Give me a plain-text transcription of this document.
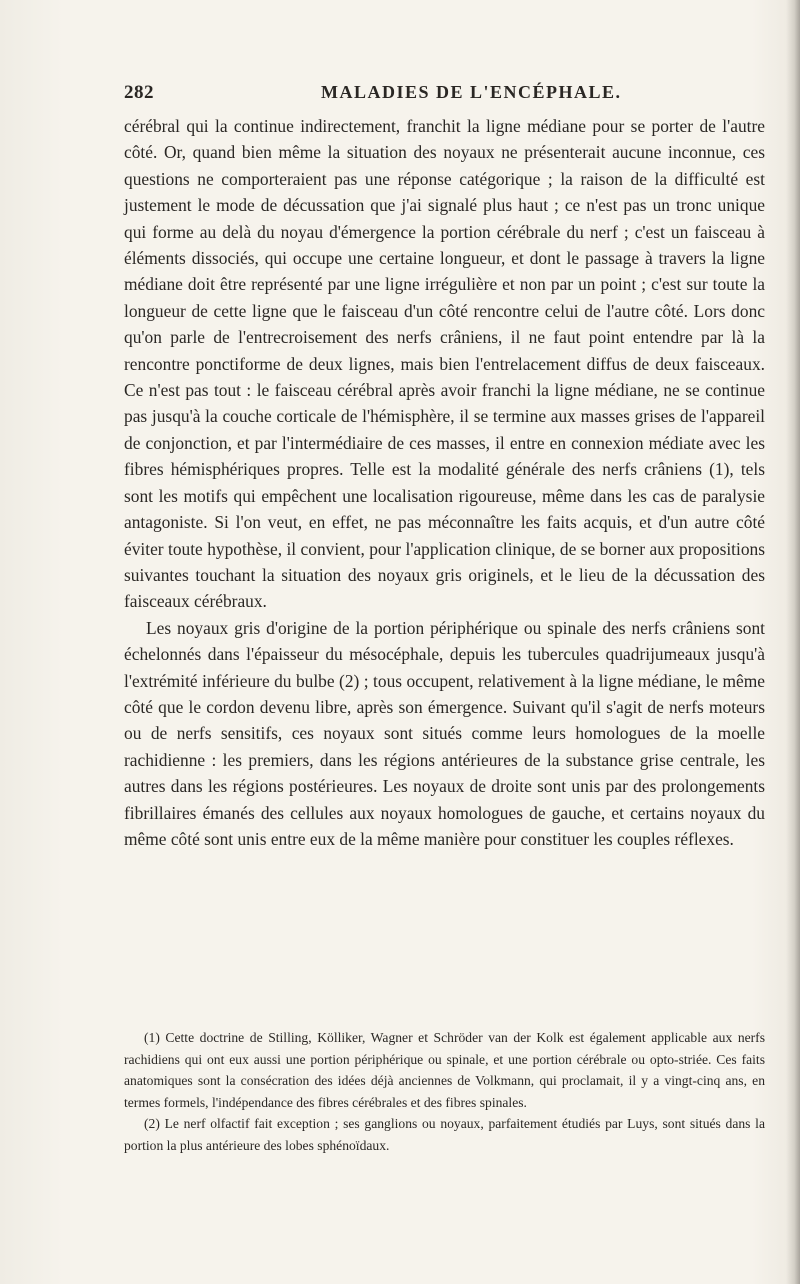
282	MALADIES DE L'ENCÉPHALE.

cérébral qui la continue indirectement, franchit la ligne médiane pour se porter de l'autre côté. Or, quand bien même la situation des noyaux ne présenterait aucune inconnue, ces questions ne comporteraient pas une réponse catégorique ; la raison de la difficulté est justement le mode de décussation que j'ai signalé plus haut ; ce n'est pas un tronc unique qui forme au delà du noyau d'émergence la portion cérébrale du nerf ; c'est un faisceau à éléments dissociés, qui occupe une certaine longueur, et dont le passage à travers la ligne médiane doit être représenté par une ligne irrégulière et non par un point ; c'est sur toute la longueur de cette ligne que le faisceau d'un côté rencontre celui de l'autre côté. Lors donc qu'on parle de l'entrecroisement des nerfs crâniens, il ne faut point entendre par là la rencontre ponctiforme de deux lignes, mais bien l'entrelacement diffus de deux faisceaux. Ce n'est pas tout : le faisceau cérébral après avoir franchi la ligne médiane, ne se continue pas jusqu'à la couche corticale de l'hémisphère, il se termine aux masses grises de l'appareil de conjonction, et par l'intermédiaire de ces masses, il entre en connexion médiate avec les fibres hémisphériques propres. Telle est la modalité générale des nerfs crâniens (1), tels sont les motifs qui empêchent une localisation rigoureuse, même dans les cas de paralysie antagoniste. Si l'on veut, en effet, ne pas méconnaître les faits acquis, et d'un autre côté éviter toute hypothèse, il convient, pour l'application clinique, de se borner aux propositions suivantes touchant la situation des noyaux gris originels, et le lieu de la décussation des faisceaux cérébraux.

Les noyaux gris d'origine de la portion périphérique ou spinale des nerfs crâniens sont échelonnés dans l'épaisseur du mésocéphale, depuis les tubercules quadrijumeaux jusqu'à l'extrémité inférieure du bulbe (2) ; tous occupent, relativement à la ligne médiane, le même côté que le cordon devenu libre, après son émergence. Suivant qu'il s'agit de nerfs moteurs ou de nerfs sensitifs, ces noyaux sont situés comme leurs homologues de la moelle rachidienne : les premiers, dans les régions antérieures de la substance grise centrale, les autres dans les régions postérieures. Les noyaux de droite sont unis par des prolongements fibrillaires émanés des cellules aux noyaux homologues de gauche, et certains noyaux du même côté sont unis entre eux de la même manière pour constituer les couples réflexes.

(1) Cette doctrine de Stilling, Kölliker, Wagner et Schröder van der Kolk est également applicable aux nerfs rachidiens qui ont eux aussi une portion périphérique ou spinale, et une portion cérébrale ou opto-striée. Ces faits anatomiques sont la consécration des idées déjà anciennes de Volkmann, qui proclamait, il y a vingt-cinq ans, en termes formels, l'indépendance des fibres cérébrales et des fibres spinales.

(2) Le nerf olfactif fait exception ; ses ganglions ou noyaux, parfaitement étudiés par Luys, sont situés dans la portion la plus antérieure des lobes sphénoïdaux.
